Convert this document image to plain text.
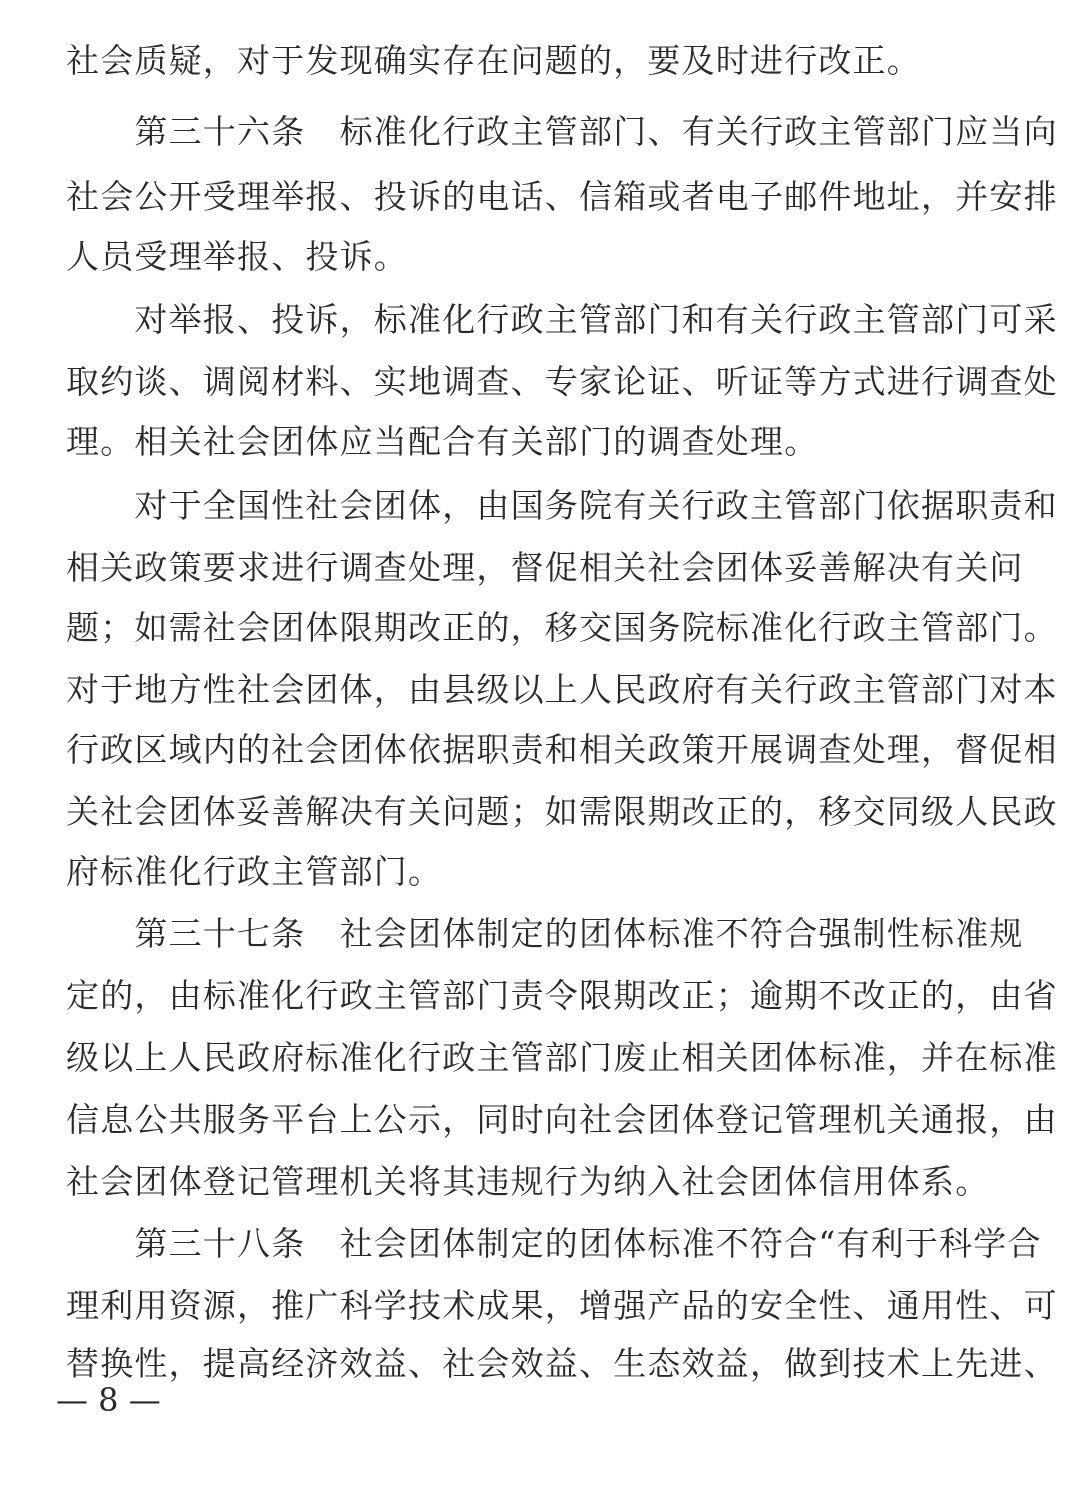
社会质疑，对于发现确实存在问题的，要及时进行改正。
　　第三十六条　标准化行政主管部门、有关行政主管部门应当向
社会公开受理举报、投诉的电话、信箱或者电子邮件地址，并安排
人员受理举报、投诉。
　　对举报、投诉，标准化行政主管部门和有关行政主管部门可采
取约谈、调阅材料、实地调查、专家论证、听证等方式进行调查处
理。相关社会团体应当配合有关部门的调查处理。
　　对于全国性社会团体，由国务院有关行政主管部门依据职责和
相关政策要求进行调查处理，督促相关社会团体妥善解决有关问
题；如需社会团体限期改正的，移交国务院标准化行政主管部门。
对于地方性社会团体，由县级以上人民政府有关行政主管部门对本
行政区域内的社会团体依据职责和相关政策开展调查处理，督促相
关社会团体妥善解决有关问题；如需限期改正的，移交同级人民政
府标准化行政主管部门。
　　第三十七条　社会团体制定的团体标准不符合强制性标准规
定的，由标准化行政主管部门责令限期改正；逾期不改正的，由省
级以上人民政府标准化行政主管部门废止相关团体标准，并在标准
信息公共服务平台上公示，同时向社会团体登记管理机关通报，由
社会团体登记管理机关将其违规行为纳入社会团体信用体系。
　　第三十八条　社会团体制定的团体标准不符合“有利于科学合
理利用资源，推广科学技术成果，增强产品的安全性、通用性、可
替换性，提高经济效益、社会效益、生态效益，做到技术上先进、
— 8 —
